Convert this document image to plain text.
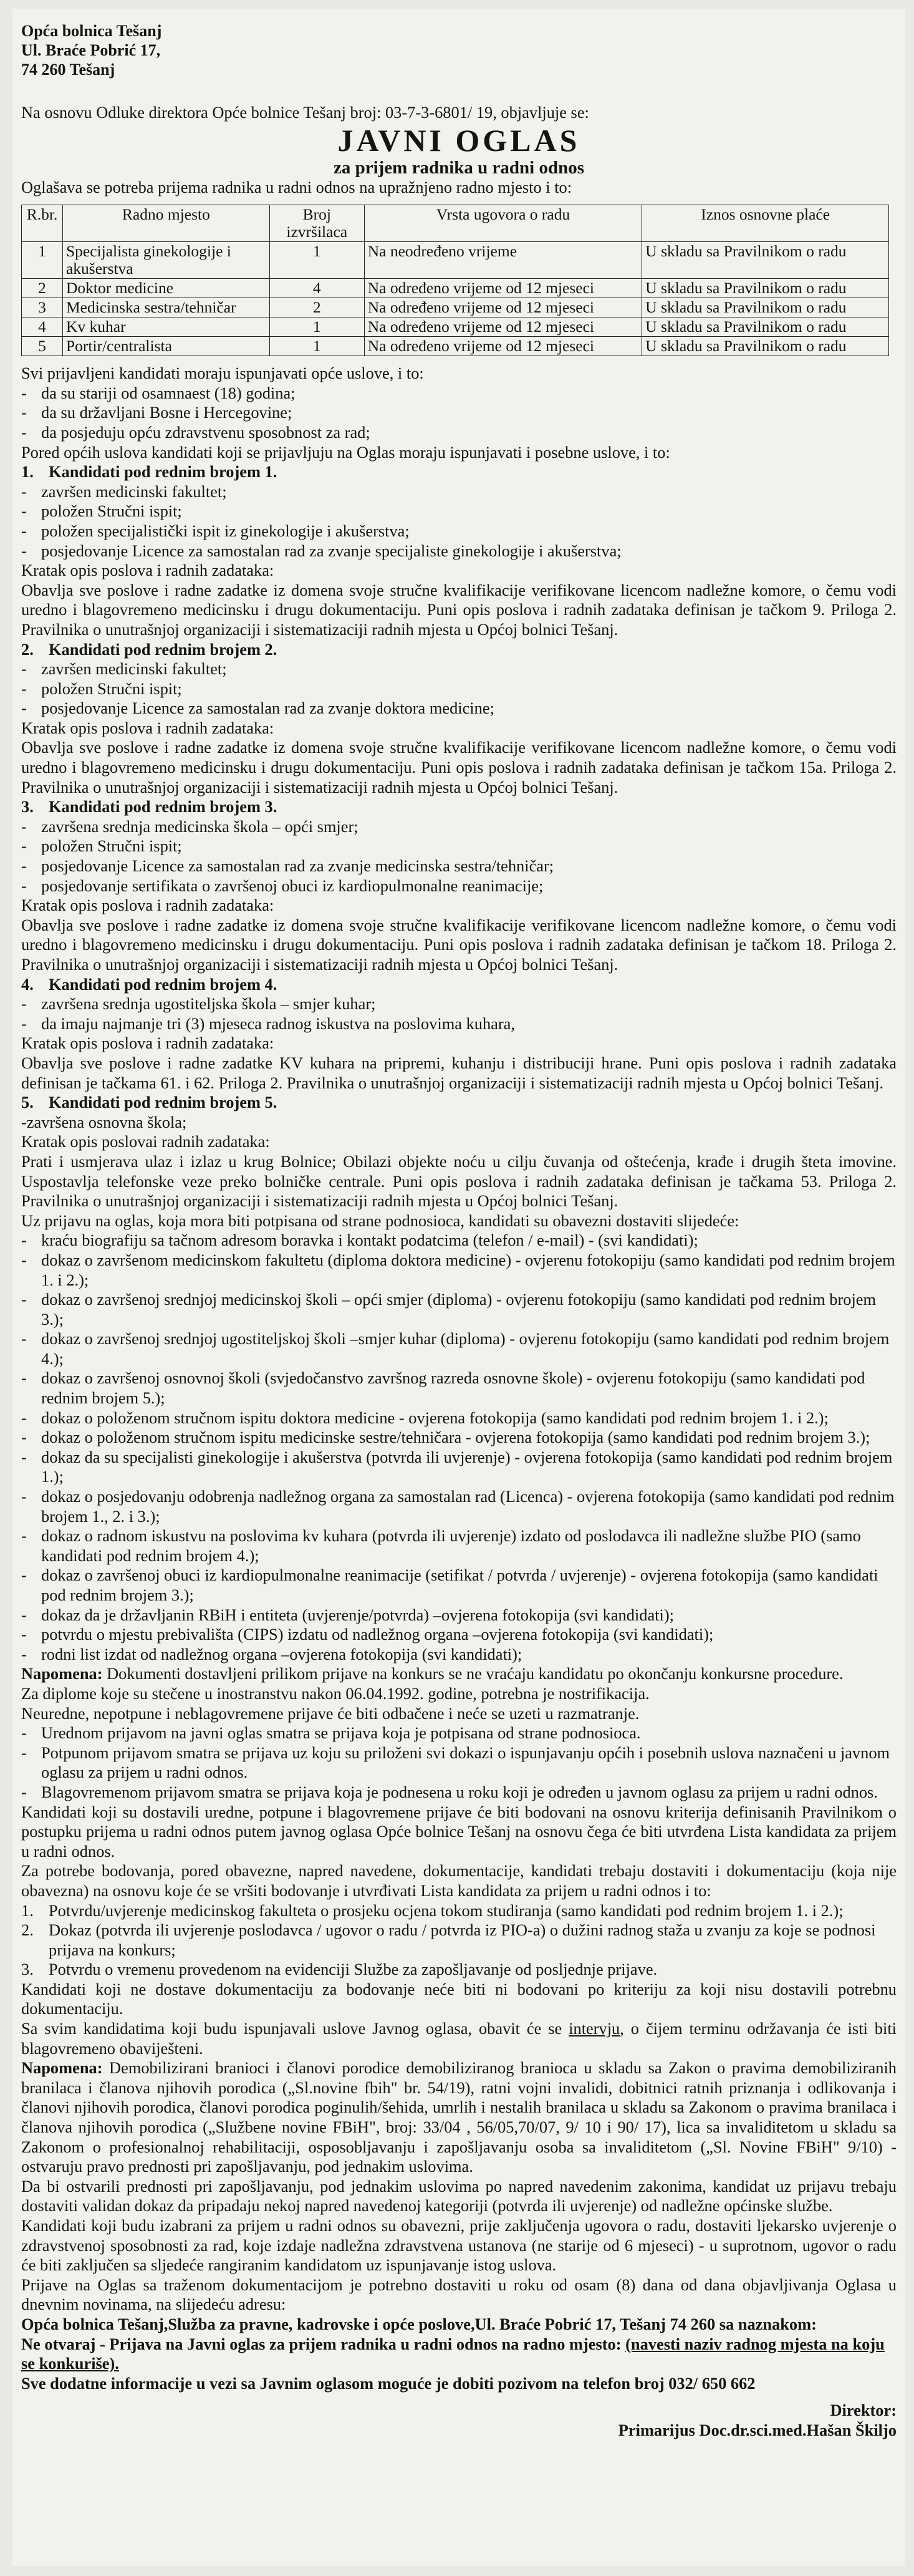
Opća bolnica Tešanj

Ul. Braće Pobrić 17,

74 260 Tešanj

Na osnovu Odluke direktora Opće bolnice Tešanj broj: 03-7-3-6801/ 19, objavljuje se:

JAVNI OGLAS

za prijem radnika u radni odnos

Oglašava se potreba prijema radnika u radni odnos na upražnjeno radno mjesto i to:

R.br.	Radno mjesto	Broj izvršilaca	Vrsta ugovora o radu	Iznos osnovne plaće
1	Specijalista ginekologije i akušerstva	1	Na neodređeno vrijeme	U skladu sa Pravilnikom o radu
2	Doktor medicine	4	Na određeno vrijeme od 12 mjeseci	U skladu sa Pravilnikom o radu
3	Medicinska sestra/tehničar	2	Na određeno vrijeme od 12 mjeseci	U skladu sa Pravilnikom o radu
4	Kv kuhar	1	Na određeno vrijeme od 12 mjeseci	U skladu sa Pravilnikom o radu
5	Portir/centralista	1	Na određeno vrijeme od 12 mjeseci	U skladu sa Pravilnikom o radu

Svi prijavljeni kandidati moraju ispunjavati opće uslove, i to:

- da su stariji od osamnaest (18) godina;

- da su državljani Bosne i Hercegovine;

- da posjeduju opću zdravstvenu sposobnost za rad;

Pored općih uslova kandidati koji se prijavljuju na Oglas moraju ispunjavati i posebne uslove, i to:

1. Kandidati pod rednim brojem 1.

- završen medicinski fakultet;

- položen Stručni ispit;

- položen specijalistički ispit iz ginekologije i akušerstva;

- posjedovanje Licence za samostalan rad za zvanje specijaliste ginekologije i akušerstva;

Kratak opis poslova i radnih zadataka:

Obavlja sve poslove i radne zadatke iz domena svoje stručne kvalifikacije verifikovane licencom nadležne komore, o čemu vodi uredno i blagovremeno medicinsku i drugu dokumentaciju. Puni opis poslova i radnih zadataka definisan je tačkom 9. Priloga 2. Pravilnika o unutrašnjoj organizaciji i sistematizaciji radnih mjesta u Općoj bolnici Tešanj.

2. Kandidati pod rednim brojem 2.

- završen medicinski fakultet;

- položen Stručni ispit;

- posjedovanje Licence za samostalan rad za zvanje doktora medicine;

Kratak opis poslova i radnih zadataka:

Obavlja sve poslove i radne zadatke iz domena svoje stručne kvalifikacije verifikovane licencom nadležne komore, o čemu vodi uredno i blagovremeno medicinsku i drugu dokumentaciju. Puni opis poslova i radnih zadataka definisan je tačkom 15a. Priloga 2. Pravilnika o unutrašnjoj organizaciji i sistematizaciji radnih mjesta u Općoj bolnici Tešanj.

3. Kandidati pod rednim brojem 3.

- završena srednja medicinska škola – opći smjer;

- položen Stručni ispit;

- posjedovanje Licence za samostalan rad za zvanje medicinska sestra/tehničar;

- posjedovanje sertifikata o završenoj obuci iz kardiopulmonalne reanimacije;

Kratak opis poslova i radnih zadataka:

Obavlja sve poslove i radne zadatke iz domena svoje stručne kvalifikacije verifikovane licencom nadležne komore, o čemu vodi uredno i blagovremeno medicinsku i drugu dokumentaciju. Puni opis poslova i radnih zadataka definisan je tačkom 18. Priloga 2. Pravilnika o unutrašnjoj organizaciji i sistematizaciji radnih mjesta u Općoj bolnici Tešanj.

4. Kandidati pod rednim brojem 4.

- završena srednja ugostiteljska škola – smjer kuhar;

- da imaju najmanje tri (3) mjeseca radnog iskustva na poslovima kuhara,

Kratak opis poslova i radnih zadataka:

Obavlja sve poslove i radne zadatke KV kuhara na pripremi, kuhanju i distribuciji hrane. Puni opis poslova i radnih zadataka definisan je tačkama 61. i 62. Priloga 2. Pravilnika o unutrašnjoj organizaciji i sistematizaciji radnih mjesta u Općoj bolnici Tešanj.

5. Kandidati pod rednim brojem 5.

-završena osnovna škola;

Kratak opis poslovai radnih zadataka:

Prati i usmjerava ulaz i izlaz u krug Bolnice; Obilazi objekte noću u cilju čuvanja od oštećenja, krađe i drugih šteta imovine. Uspostavlja telefonske veze preko bolničke centrale. Puni opis poslova i radnih zadataka definisan je tačkama 53. Priloga 2. Pravilnika o unutrašnjoj organizaciji i sistematizaciji radnih mjesta u Općoj bolnici Tešanj.

Uz prijavu na oglas, koja mora biti potpisana od strane podnosioca, kandidati su obavezni dostaviti slijedeće:

- kraću biografiju sa tačnom adresom boravka i kontakt podatcima (telefon / e-mail) - (svi kandidati);

- dokaz o završenom medicinskom fakultetu (diploma doktora medicine) - ovjerenu fotokopiju (samo kandidati pod rednim brojem 1. i 2.);

- dokaz o završenoj srednjoj medicinskoj školi – opći smjer (diploma) - ovjerenu fotokopiju (samo kandidati pod rednim brojem 3.);

- dokaz o završenoj srednjoj ugostiteljskoj školi –smjer kuhar (diploma) - ovjerenu fotokopiju (samo kandidati pod rednim brojem 4.);

- dokaz o završenoj osnovnoj školi (svjedočanstvo završnog razreda osnovne škole) - ovjerenu fotokopiju (samo kandidati pod rednim brojem 5.);

- dokaz o položenom stručnom ispitu doktora medicine - ovjerena fotokopija (samo kandidati pod rednim brojem 1. i 2.);

- dokaz o položenom stručnom ispitu medicinske sestre/tehničara - ovjerena fotokopija (samo kandidati pod rednim brojem 3.);

- dokaz da su specijalisti ginekologije i akušerstva (potvrda ili uvjerenje) - ovjerena fotokopija (samo kandidati pod rednim brojem 1.);

- dokaz o posjedovanju odobrenja nadležnog organa za samostalan rad (Licenca) - ovjerena fotokopija (samo kandidati pod rednim brojem 1., 2. i 3.);

- dokaz o radnom iskustvu na poslovima kv kuhara (potvrda ili uvjerenje) izdato od poslodavca ili nadležne službe PIO (samo kandidati pod rednim brojem 4.);

- dokaz o završenoj obuci iz kardiopulmonalne reanimacije (setifikat / potvrda / uvjerenje) - ovjerena fotokopija (samo kandidati pod rednim brojem 3.);

- dokaz da je državljanin RBiH i entiteta (uvjerenje/potvrda) –ovjerena fotokopija (svi kandidati);

- potvrdu o mjestu prebivališta (CIPS) izdatu od nadležnog organa –ovjerena fotokopija (svi kandidati);

- rodni list izdat od nadležnog organa –ovjerena fotokopija (svi kandidati);

Napomena: Dokumenti dostavljeni prilikom prijave na konkurs se ne vraćaju kandidatu po okončanju konkursne procedure.

Za diplome koje su stečene u inostranstvu nakon 06.04.1992. godine, potrebna je nostrifikacija.

Neuredne, nepotpune i neblagovremene prijave će biti odbačene i neće se uzeti u razmatranje.

- Urednom prijavom na javni oglas smatra se prijava koja je potpisana od strane podnosioca.

- Potpunom prijavom smatra se prijava uz koju su priloženi svi dokazi o ispunjavanju općih i posebnih uslova naznačeni u javnom oglasu za prijem u radni odnos.

- Blagovremenom prijavom smatra se prijava koja je podnesena u roku koji je određen u javnom oglasu za prijem u radni odnos.

Kandidati koji su dostavili uredne, potpune i blagovremene prijave će biti bodovani na osnovu kriterija definisanih Pravilnikom o postupku prijema u radni odnos putem javnog oglasa Opće bolnice Tešanj na osnovu čega će biti utvrđena Lista kandidata za prijem u radni odnos.

Za potrebe bodovanja, pored obavezne, napred navedene, dokumentacije, kandidati trebaju dostaviti i dokumentaciju (koja nije obavezna) na osnovu koje će se vršiti bodovanje i utvrđivati Lista kandidata za prijem u radni odnos i to:

1. Potvrdu/uvjerenje medicinskog fakulteta o prosjeku ocjena tokom studiranja (samo kandidati pod rednim brojem 1. i 2.);

2. Dokaz (potvrda ili uvjerenje poslodavca / ugovor o radu / potvrda iz PIO-a) o dužini radnog staža u zvanju za koje se podnosi prijava na konkurs;

3. Potvrdu o vremenu provedenom na evidenciji Službe za zapošljavanje od posljednje prijave.

Kandidati koji ne dostave dokumentaciju za bodovanje neće biti ni bodovani po kriteriju za koji nisu dostavili potrebnu dokumentaciju.

Sa svim kandidatima koji budu ispunjavali uslove Javnog oglasa, obavit će se intervju, o čijem terminu održavanja će isti biti blagovremeno obaviješteni.

Napomena: Demobilizirani branioci i članovi porodice demobiliziranog branioca u skladu sa Zakon o pravima demobiliziranih branilaca i članova njihovih porodica („Sl.novine fbih" br. 54/19), ratni vojni invalidi, dobitnici ratnih priznanja i odlikovanja i članovi njihovih porodica, članovi porodica poginulih/šehida, umrlih i nestalih branilaca u skladu sa Zakonom o pravima branilaca i članova njihovih porodica („Službene novine FBiH", broj: 33/04 , 56/05,70/07, 9/ 10 i 90/ 17), lica sa invaliditetom u skladu sa Zakonom o profesionalnoj rehabilitaciji, osposobljavanju i zapošljavanju osoba sa invaliditetom („Sl. Novine FBiH" 9/10) - ostvaruju pravo prednosti pri zapošljavanju, pod jednakim uslovima.

Da bi ostvarili prednosti pri zapošljavanju, pod jednakim uslovima po napred navedenim zakonima, kandidat uz prijavu trebaju dostaviti validan dokaz da pripadaju nekoj napred navedenoj kategoriji (potvrda ili uvjerenje) od nadležne općinske službe.

Kandidati koji budu izabrani za prijem u radni odnos su obavezni, prije zaključenja ugovora o radu, dostaviti ljekarsko uvjerenje o zdravstvenoj sposobnosti za rad, koje izdaje nadležna zdravstvena ustanova (ne starije od 6 mjeseci) - u suprotnom, ugovor o radu će biti zaključen sa sljedeće rangiranim kandidatom uz ispunjavanje istog uslova.

Prijave na Oglas sa traženom dokumentacijom je potrebno dostaviti u roku od osam (8) dana od dana objavljivanja Oglasa u dnevnim novinama, na slijedeću adresu:

Opća bolnica Tešanj,Služba za pravne, kadrovske i opće poslove,Ul. Braće Pobrić 17, Tešanj 74 260 sa naznakom:

Ne otvaraj - Prijava na Javni oglas za prijem radnika u radni odnos na radno mjesto: (navesti naziv radnog mjesta na koju se konkuriše).

Sve dodatne informacije u vezi sa Javnim oglasom moguće je dobiti pozivom na telefon broj 032/ 650 662

Direktor:

Primarijus Doc.dr.sci.med.Hašan Škiljo
